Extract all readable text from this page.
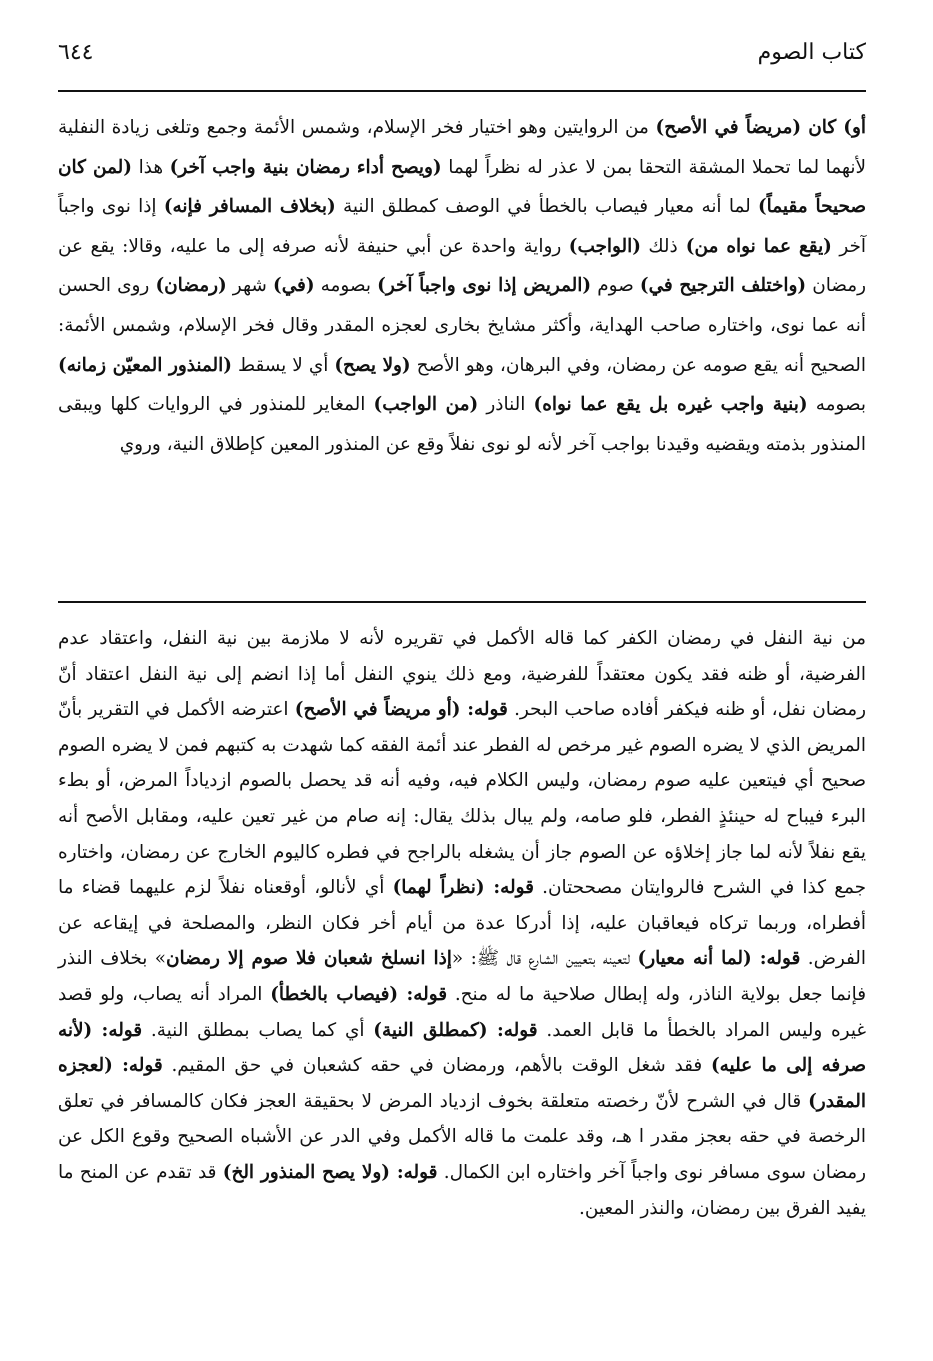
كتاب الصوم
٦٤٤

أو) كان (مريضاً في الأصح) من الروايتين وهو اختيار فخر الإسلام، وشمس الأئمة وجمع وتلغى زيادة النفلية لأنهما لما تحملا المشقة التحقا بمن لا عذر له نظراً لهما (ويصح أداء رمضان بنية واجب آخر) هذا (لمن كان صحيحاً مقيماً) لما أنه معيار فيصاب بالخطأ في الوصف كمطلق النية (بخلاف المسافر فإنه) إذا نوى واجباً آخر (يقع عما نواه من) ذلك (الواجب) رواية واحدة عن أبي حنيفة لأنه صرفه إلى ما عليه، وقالا: يقع عن رمضان (واختلف الترجيح في) صوم (المريض إذا نوى واجباً آخر) بصومه (في) شهر (رمضان) روى الحسن أنه عما نوى، واختاره صاحب الهداية، وأكثر مشايخ بخارى لعجزه المقدر وقال فخر الإسلام، وشمس الأئمة: الصحيح أنه يقع صومه عن رمضان، وفي البرهان، وهو الأصح (ولا يصح) أي لا يسقط (المنذور المعيّن زمانه) بصومه (بنية واجب غيره بل يقع عما نواه) الناذر (من الواجب) المغاير للمنذور في الروايات كلها ويبقى المنذور بذمته ويقضيه وقيدنا بواجب آخر لأنه لو نوى نفلاً وقع عن المنذور المعين كإطلاق النية، وروي

من نية النفل في رمضان الكفر كما قاله الأكمل في تقريره لأنه لا ملازمة بين نية النفل، واعتقاد عدم الفرضية، أو ظنه فقد يكون معتقداً للفرضية، ومع ذلك ينوي النفل أما إذا انضم إلى نية النفل اعتقاد أنّ رمضان نفل، أو ظنه فيكفر أفاده صاحب البحر. قوله: (أو مريضاً في الأصح) اعترضه الأكمل في التقرير بأنّ المريض الذي لا يضره الصوم غير مرخص له الفطر عند أئمة الفقه كما شهدت به كتبهم فمن لا يضره الصوم صحيح أي فيتعين عليه صوم رمضان، وليس الكلام فيه، وفيه أنه قد يحصل بالصوم ازدياداً المرض، أو بطء البرء فيباح له حينئذٍ الفطر، فلو صامه، ولم يبال بذلك يقال: إنه صام من غير تعين عليه، ومقابل الأصح أنه يقع نفلاً لأنه لما جاز إخلاؤه عن الصوم جاز أن يشغله بالراجح في فطره كاليوم الخارج عن رمضان، واختاره جمع كذا في الشرح فالروايتان مصححتان. قوله: (نظراً لهما) أي لأنالو، أوقعناه نفلاً لزم عليهما قضاء ما أفطراه، وربما تركاه فيعاقبان عليه، إذا أدركا عدة من أيام أخر فكان النظر، والمصلحة في إيقاعه عن الفرض. قوله: (لما أنه معيار) لتعينه بتعيين الشارع قال ﷺ: «إذا انسلخ شعبان فلا صوم إلا رمضان» بخلاف النذر فإنما جعل بولاية الناذر، وله إبطال صلاحية ما له منح. قوله: (فيصاب بالخطأ) المراد أنه يصاب، ولو قصد غيره وليس المراد بالخطأ ما قابل العمد. قوله: (كمطلق النية) أي كما يصاب بمطلق النية. قوله: (لأنه صرفه إلى ما عليه) فقد شغل الوقت بالأهم، ورمضان في حقه كشعبان في حق المقيم. قوله: (لعجزه المقدر) قال في الشرح لأنّ رخصته متعلقة بخوف ازدياد المرض لا بحقيقة العجز فكان كالمسافر في تعلق الرخصة في حقه بعجز مقدر ا هـ، وقد علمت ما قاله الأكمل وفي الدر عن الأشباه الصحيح وقوع الكل عن رمضان سوى مسافر نوى واجباً آخر واختاره ابن الكمال. قوله: (ولا يصح المنذور الخ) قد تقدم عن المنح ما يفيد الفرق بين رمضان، والنذر المعين.
